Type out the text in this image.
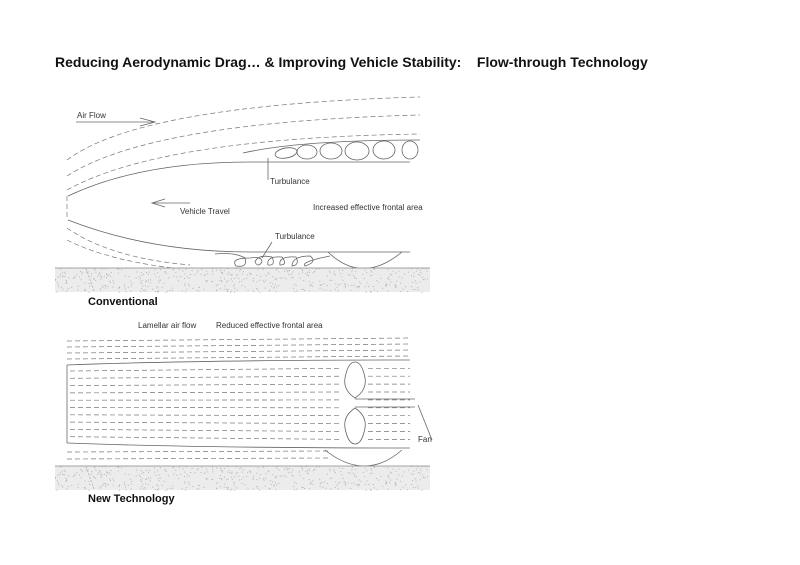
Reducing Aerodynamic Drag… & Improving Vehicle Stability:    Flow-through Technology
Air Flow
Turbulance
Vehicle Travel	Increased effective frontal area
Turbulance
Conventional
Lamellar air flow Reduced effective frontal area
Fan
New Technology
